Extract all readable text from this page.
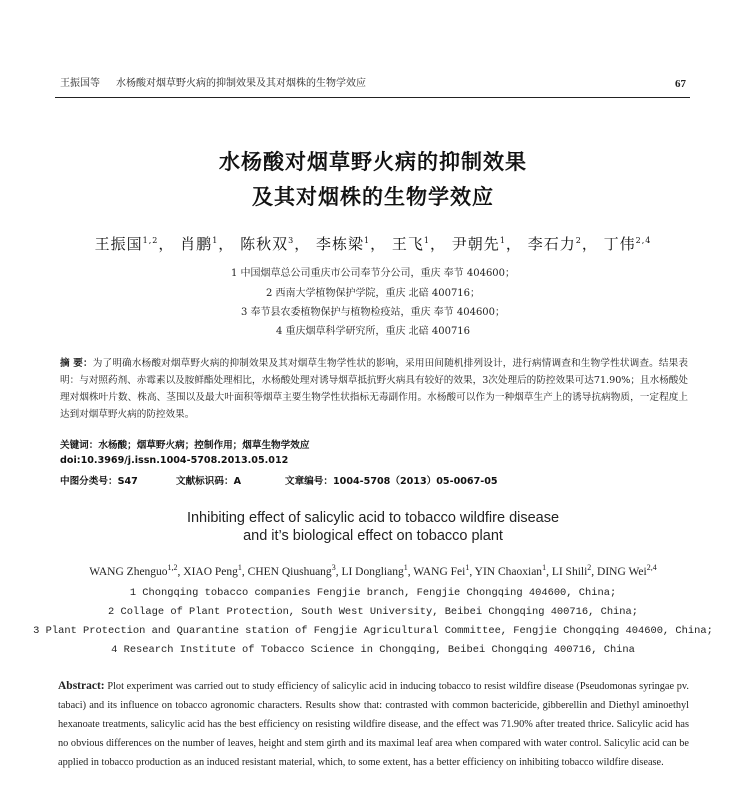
王振国等 水杨酸对烟草野火病的抑制效果及其对烟株的生物学效应	67
水杨酸对烟草野火病的抑制效果
及其对烟株的生物学效应
王振国$^{1,2}$， 肖鹏$^1$， 陈秋双$^3$， 李栋梁$^1$， 王飞$^1$， 尹朝先$^1$， 李石力$^2$， 丁伟$^{2,4}$
1 中国烟草总公司重庆市公司奉节分公司，重庆 奉节 404600；
2 西南大学植物保护学院，重庆 北碚 400716；
3 奉节县农委植物保护与植物检疫站，重庆 奉节 404600；
4 重庆烟草科学研究所，重庆 北碚 400716
摘 要：为了明确水杨酸对烟草野火病的抑制效果及其对烟草生物学性状的影响，采用田间随机排列设计，进行病情调查和生物学性状调查。结果表明：与对照药剂、赤霉素以及胺鲜酯处理相比，水杨酸处理对诱导烟草抵抗野火病具有较好的效果，3次处理后的防控效果可达71.90%；且水杨酸处理对烟株叶片数、株高、茎围以及最大叶面积等烟草主要生物学性状指标无毒副作用。水杨酸可以作为一种烟草生产上的诱导抗病物质，一定程度上达到对烟草野火病的防控效果。
关键词：水杨酸；烟草野火病；控制作用；烟草生物学效应
doi:10.3969/j.issn.1004-5708.2013.05.012
中图分类号：S47	文献标识码：A	文章编号：1004-5708（2013）05-0067-05
Inhibiting effect of salicylic acid to tobacco wildfire disease
and it’s biological effect on tobacco plant
WANG Zhenguo$^{1,2}$, XIAO Peng$^1$, CHEN Qiushuang$^3$, LI Dongliang$^1$, WANG Fei$^1$, YIN Chaoxian$^1$, LI Shili$^2$, DING Wei$^{2,4}$
1 Chongqing tobacco companies Fengjie branch, Fengjie Chongqing 404600, China;
2 Collage of Plant Protection, South West University, Beibei Chongqing 400716, China;
3 Plant Protection and Quarantine station of Fengjie Agricultural Committee, Fengjie Chongqing 404600, China;
4 Research Institute of Tobacco Science in Chongqing, Beibei Chongqing 400716, China
Abstract: Plot experiment was carried out to study efficiency of salicylic acid in inducing tobacco to resist wildfire disease (Pseudomonas syringae pv. tabaci) and its influence on tobacco agronomic characters. Results show that: contrasted with common bactericide, gibberellin and Diethyl aminoethyl hexanoate treatments, salicylic acid has the best efficiency on resisting wildfire disease, and the effect was 71.90% after treated thrice. Salicylic acid has no obvious differences on the number of leaves, height and stem girth and its maximal leaf area when compared with water control. Salicylic acid can be applied in tobacco production as an induced resistant material, which, to some extent, has a better efficiency on inhibiting tobacco wildfire disease.
